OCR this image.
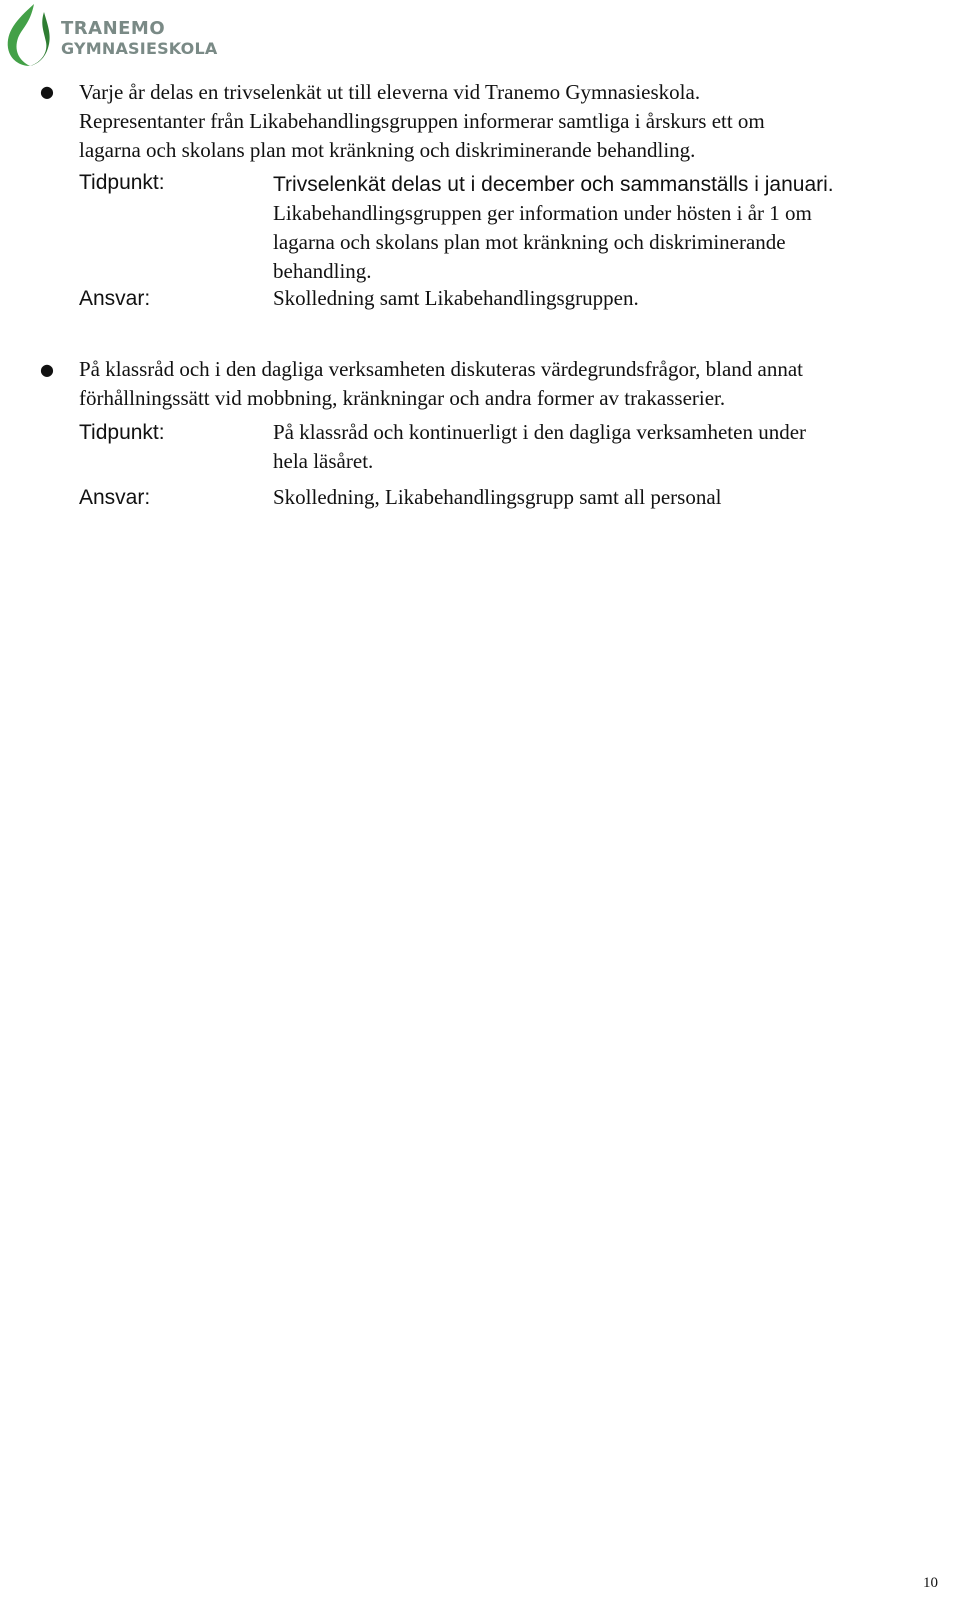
TRANEMO
GYMNASIESKOLA
● Varje år delas en trivselenkät ut till eleverna vid Tranemo Gymnasieskola.
Representanter från Likabehandlingsgruppen informerar samtliga i årskurs ett om
lagarna och skolans plan mot kränkning och diskriminerande behandling.
Tidpunkt:	Trivselenkät delas ut i december och sammanställs i januari.
Likabehandlingsgruppen ger information under hösten i år 1 om
lagarna och skolans plan mot kränkning och diskriminerande
behandling.
Ansvar:	Skolledning samt Likabehandlingsgruppen.
● På klassråd och i den dagliga verksamheten diskuteras värdegrundsfrågor, bland annat
förhållningssätt vid mobbning, kränkningar och andra former av trakasserier.
Tidpunkt:	På klassråd och kontinuerligt i den dagliga verksamheten under
hela läsåret.
Ansvar:	Skolledning, Likabehandlingsgrupp samt all personal
10
